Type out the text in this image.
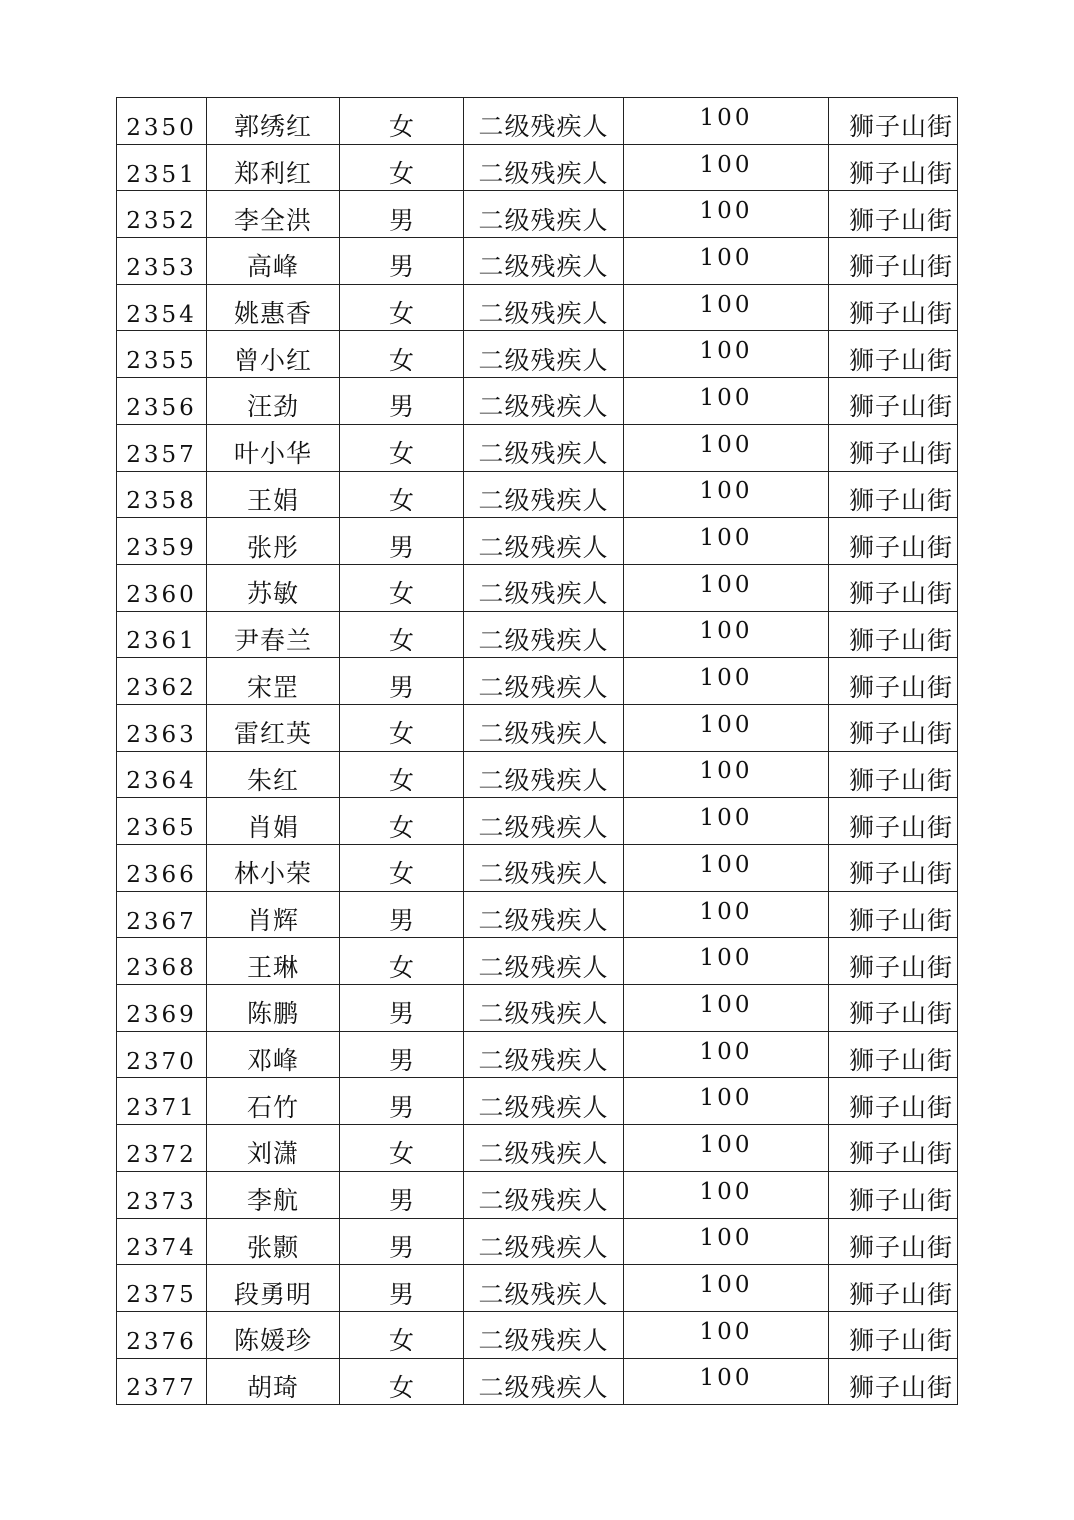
2350	郭绣红	女	二级残疾人	100	狮子山街
2351	郑利红	女	二级残疾人	100	狮子山街
2352	李全洪	男	二级残疾人	100	狮子山街
2353	高峰	男	二级残疾人	100	狮子山街
2354	姚惠香	女	二级残疾人	100	狮子山街
2355	曾小红	女	二级残疾人	100	狮子山街
2356	汪劲	男	二级残疾人	100	狮子山街
2357	叶小华	女	二级残疾人	100	狮子山街
2358	王娟	女	二级残疾人	100	狮子山街
2359	张彤	男	二级残疾人	100	狮子山街
2360	苏敏	女	二级残疾人	100	狮子山街
2361	尹春兰	女	二级残疾人	100	狮子山街
2362	宋罡	男	二级残疾人	100	狮子山街
2363	雷红英	女	二级残疾人	100	狮子山街
2364	朱红	女	二级残疾人	100	狮子山街
2365	肖娟	女	二级残疾人	100	狮子山街
2366	林小荣	女	二级残疾人	100	狮子山街
2367	肖辉	男	二级残疾人	100	狮子山街
2368	王琳	女	二级残疾人	100	狮子山街
2369	陈鹏	男	二级残疾人	100	狮子山街
2370	邓峰	男	二级残疾人	100	狮子山街
2371	石竹	男	二级残疾人	100	狮子山街
2372	刘潇	女	二级残疾人	100	狮子山街
2373	李航	男	二级残疾人	100	狮子山街
2374	张颢	男	二级残疾人	100	狮子山街
2375	段勇明	男	二级残疾人	100	狮子山街
2376	陈媛珍	女	二级残疾人	100	狮子山街
2377	胡琦	女	二级残疾人	100	狮子山街
